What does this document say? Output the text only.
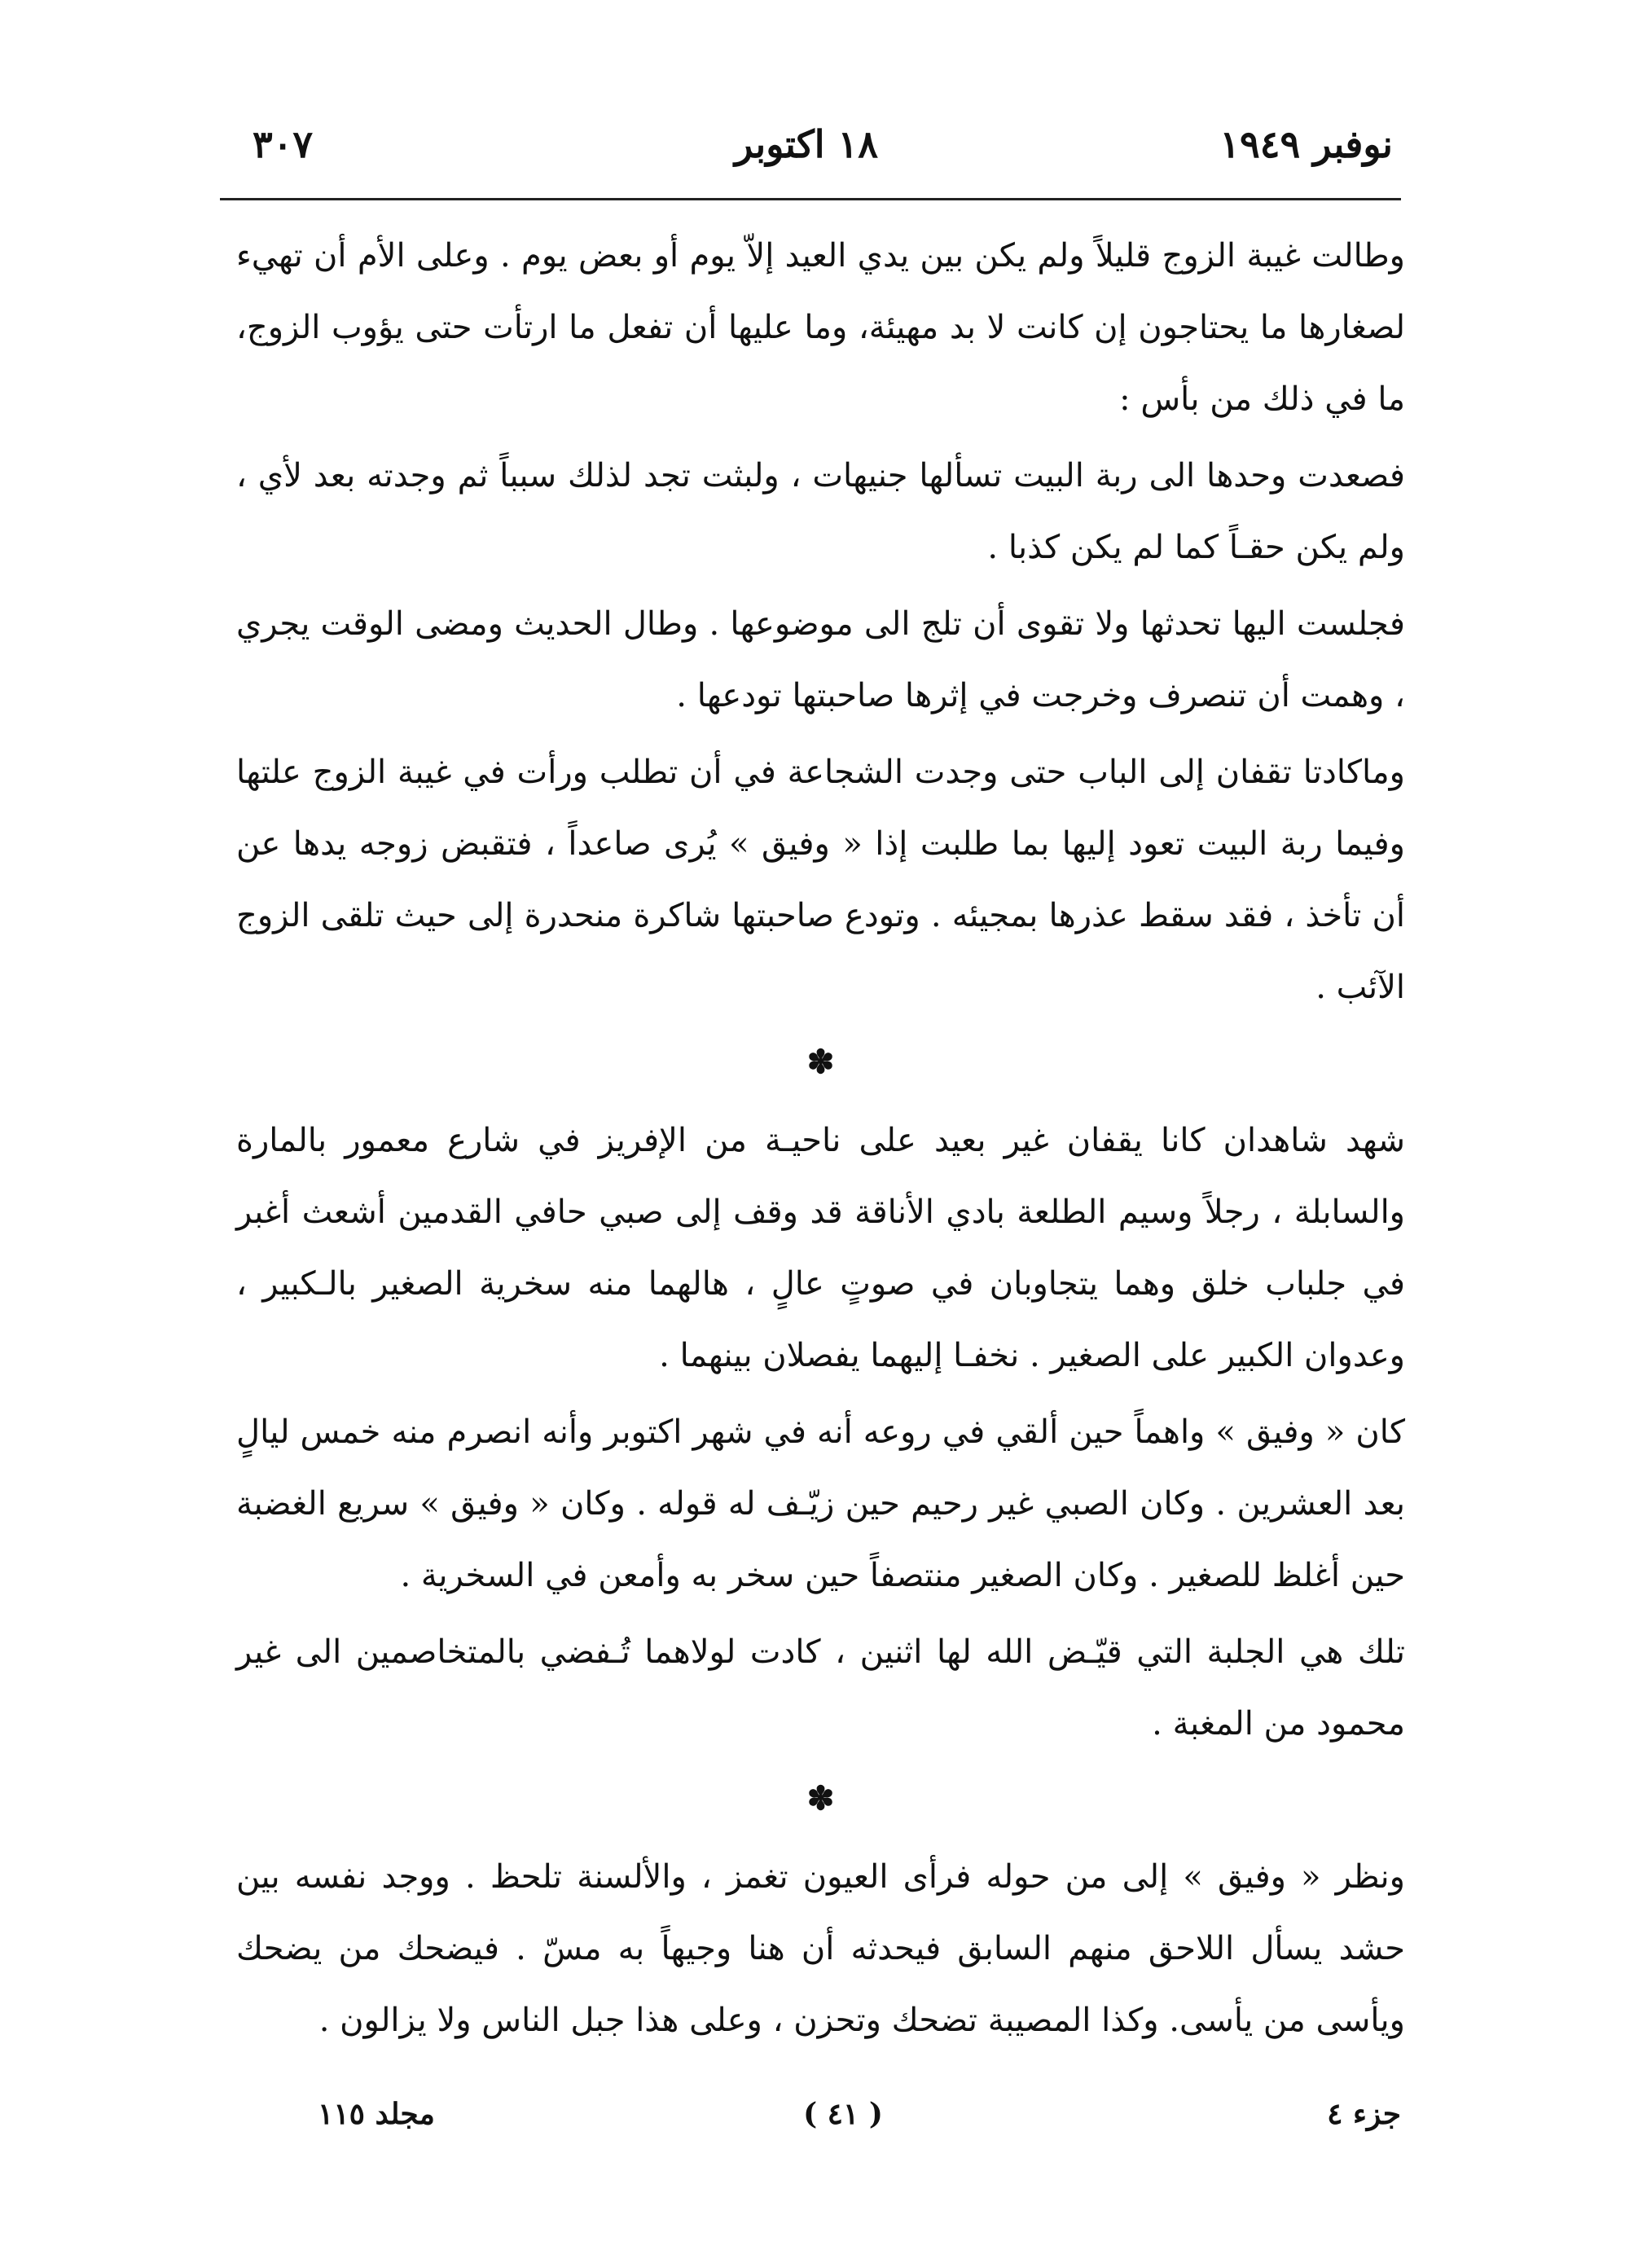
نوفبر ١٩٤٩
١٨ اكتوبر
٣٠٧

وطالت غيبة الزوج قليلاً ولم يكن بين يدي العيد إلاّ يوم أو بعض يوم . وعلى الأم أن تهيء لصغارها ما يحتاجون إن كانت لا بد مهيئة، وما عليها أن تفعل ما ارتأت حتى يؤوب الزوج، ما في ذلك من بأس :

فصعدت وحدها الى ربة البيت تسألها جنيهات ، ولبثت تجد لذلك سبباً ثم وجدته بعد لأي ، ولم يكن حقـاً كما لم يكن كذبا .

فجلست اليها تحدثها ولا تقوى أن تلج الى موضوعها . وطال الحديث ومضى الوقت يجري ، وهمت أن تنصرف وخرجت في إثرها صاحبتها تودعها .

وماكادتا تقفان إلى الباب حتى وجدت الشجاعة في أن تطلب ورأت في غيبة الزوج علتها وفيما ربة البيت تعود إليها بما طلبت إذا « وفيق » يُرى صاعداً ، فتقبض زوجه يدها عن أن تأخذ ، فقد سقط عذرها بمجيئه . وتودع صاحبتها شاكرة منحدرة إلى حيث تلقى الزوج الآئب .

✽

شهد شاهدان كانا يقفان غير بعيد على ناحيـة من الإفريز في شارع معمور بالمارة والسابلة ، رجلاً وسيم الطلعة بادي الأناقة قد وقف إلى صبي حافي القدمين أشعث أغبر في جلباب خلق وهما يتجاوبان في صوتٍ عالٍ ، هالهما منه سخرية الصغير بالـكبير ، وعدوان الكبير على الصغير . نخفـا إليهما يفصلان بينهما .

كان « وفيق » واهماً حين ألقي في روعه أنه في شهر اكتوبر وأنه انصرم منه خمس ليالٍ بعد العشرين . وكان الصبي غير رحيم حين زيّـف له قوله . وكان « وفيق » سريع الغضبة حين أغلظ للصغير . وكان الصغير منتصفاً حين سخر به وأمعن في السخرية .

تلك هي الجلبة التي قيّـض الله لها اثنين ، كادت لولاهما تُـفضي بالمتخاصمين الى غير محمود من المغبة .

✽

ونظر « وفيق » إلى من حوله فرأى العيون تغمز ، والألسنة تلحظ . ووجد نفسه بين حشد يسأل اللاحق منهم السابق فيحدثه أن هنا وجيهاً به مسّ . فيضحك من يضحك ويأسى من يأسى. وكذا المصيبة تضحك وتحزن ، وعلى هذا جبل الناس ولا يزالون .

جزء ٤
( ٤١ )
مجلد ١١٥
